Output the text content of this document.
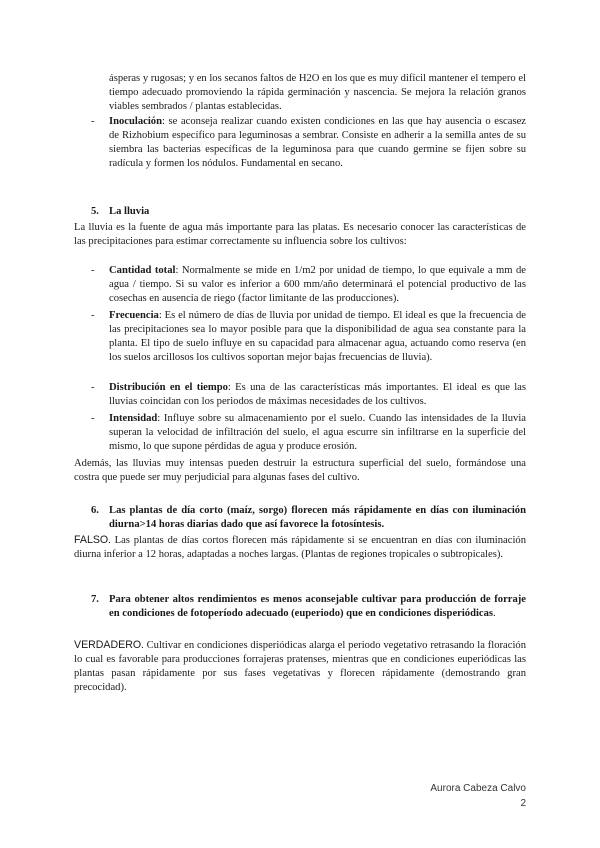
ásperas y rugosas; y en los secanos faltos de H2O en los que es muy difícil mantener el tempero el tiempo adecuado promoviendo la rápida germinación y nascencia. Se mejora la relación granos viables sembrados / plantas establecidas.
- Inoculación: se aconseja realizar cuando existen condiciones en las que hay ausencia o escasez de Rizhobium específico para leguminosas a sembrar. Consiste en adherir a la semilla antes de su siembra las bacterias específicas de la leguminosa para que cuando germine se fijen sobre su radícula y formen los nódulos. Fundamental en secano.
5. La lluvia
La lluvia es la fuente de agua más importante para las platas. Es necesario conocer las características de las precipitaciones para estimar correctamente su influencia sobre los cultivos:
- Cantidad total: Normalmente se mide en 1/m2 por unidad de tiempo, lo que equivale a mm de agua / tiempo. Si su valor es inferior a 600 mm/año determinará el potencial productivo de las cosechas en ausencia de riego (factor limitante de las producciones).
- Frecuencia: Es el número de días de lluvia por unidad de tiempo. El ideal es que la frecuencia de las precipitaciones sea lo mayor posible para que la disponibilidad de agua sea constante para la planta. El tipo de suelo influye en su capacidad para almacenar agua, actuando como reserva (en los suelos arcillosos los cultivos soportan mejor bajas frecuencias de lluvia).
- Distribución en el tiempo: Es una de las características más importantes. El ideal es que las lluvias coincidan con los periodos de máximas necesidades de los cultivos.
- Intensidad: Influye sobre su almacenamiento por el suelo. Cuando las intensidades de la lluvia superan la velocidad de infiltración del suelo, el agua escurre sin infiltrarse en la superficie del mismo, lo que supone pérdidas de agua y produce erosión.
Además, las lluvias muy intensas pueden destruir la estructura superficial del suelo, formándose una costra que puede ser muy perjudicial para algunas fases del cultivo.
6. Las plantas de día corto (maíz, sorgo) florecen más rápidamente en días con iluminación diurna>14 horas diarias dado que así favorece la fotosíntesis.
FALSO. Las plantas de días cortos florecen más rápidamente si se encuentran en días con iluminación diurna inferior a 12 horas, adaptadas a noches largas. (Plantas de regiones tropicales o subtropicales).
7. Para obtener altos rendimientos es menos aconsejable cultivar para producción de forraje en condiciones de fotoperíodo adecuado (euperiodo) que en condiciones disperiódicas.
VERDADERO. Cultivar en condiciones disperiódicas alarga el periodo vegetativo retrasando la floración lo cual es favorable para producciones forrajeras pratenses, mientras que en condiciones euperiódicas las plantas pasan rápidamente por sus fases vegetativas y florecen rápidamente (demostrando gran precocidad).
Aurora Cabeza Calvo
2
